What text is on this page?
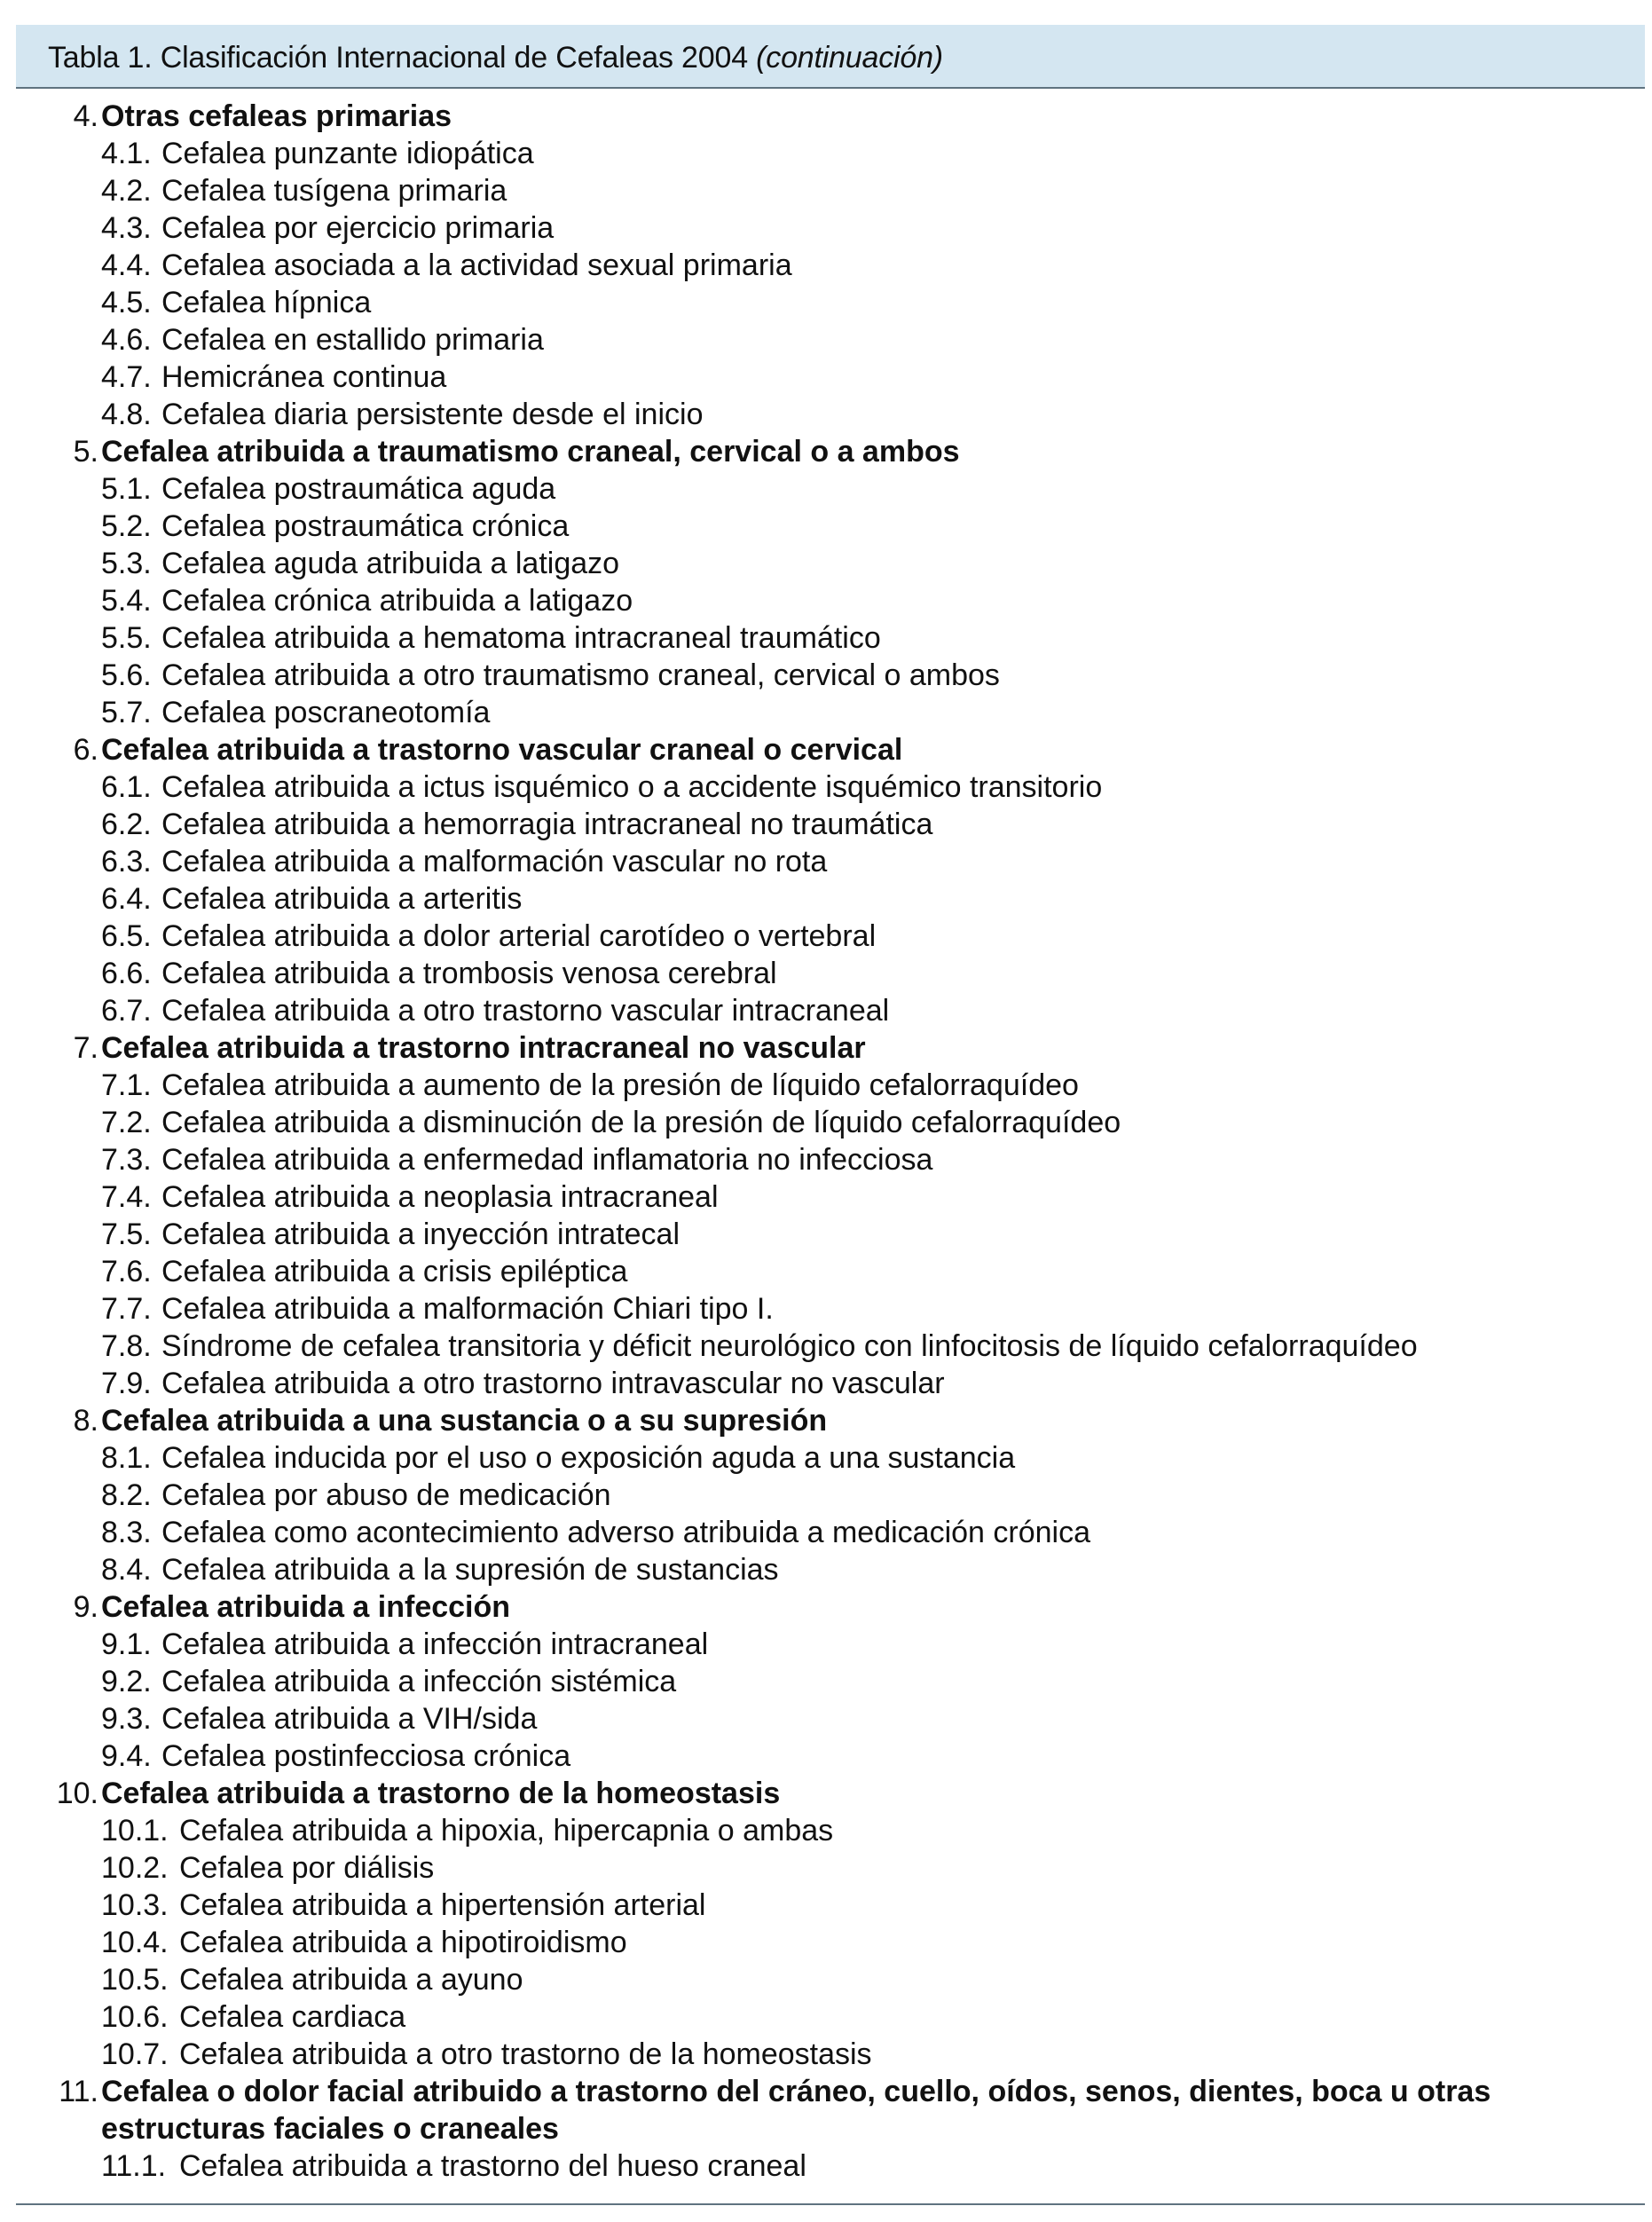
Tabla 1. Clasificación Internacional de Cefaleas 2004 (continuación)
4. Otras cefaleas primarias
4.1. Cefalea punzante idiopática
4.2. Cefalea tusígena primaria
4.3. Cefalea por ejercicio primaria
4.4. Cefalea asociada a la actividad sexual primaria
4.5. Cefalea hípnica
4.6. Cefalea en estallido primaria
4.7. Hemicránea continua
4.8. Cefalea diaria persistente desde el inicio
5. Cefalea atribuida a traumatismo craneal, cervical o a ambos
5.1. Cefalea postraumática aguda
5.2. Cefalea postraumática crónica
5.3. Cefalea aguda atribuida a latigazo
5.4. Cefalea crónica atribuida a latigazo
5.5. Cefalea atribuida a hematoma intracraneal traumático
5.6. Cefalea atribuida a otro traumatismo craneal, cervical o ambos
5.7. Cefalea poscraneotomía
6. Cefalea atribuida a trastorno vascular craneal o cervical
6.1. Cefalea atribuida a ictus isquémico o a accidente isquémico transitorio
6.2. Cefalea atribuida a hemorragia intracraneal no traumática
6.3. Cefalea atribuida a malformación vascular no rota
6.4. Cefalea atribuida a arteritis
6.5. Cefalea atribuida a dolor arterial carotídeo o vertebral
6.6. Cefalea atribuida a trombosis venosa cerebral
6.7. Cefalea atribuida a otro trastorno vascular intracraneal
7. Cefalea atribuida a trastorno intracraneal no vascular
7.1. Cefalea atribuida a aumento de la presión de líquido cefalorraquídeo
7.2. Cefalea atribuida a disminución de la presión de líquido cefalorraquídeo
7.3. Cefalea atribuida a enfermedad inflamatoria no infecciosa
7.4. Cefalea atribuida a neoplasia intracraneal
7.5. Cefalea atribuida a inyección intratecal
7.6. Cefalea atribuida a crisis epiléptica
7.7. Cefalea atribuida a malformación Chiari tipo I.
7.8. Síndrome de cefalea transitoria y déficit neurológico con linfocitosis de líquido cefalorraquídeo
7.9. Cefalea atribuida a otro trastorno intravascular no vascular
8. Cefalea atribuida a una sustancia o a su supresión
8.1. Cefalea inducida por el uso o exposición aguda a una sustancia
8.2. Cefalea por abuso de medicación
8.3. Cefalea como acontecimiento adverso atribuida a medicación crónica
8.4. Cefalea atribuida a la supresión de sustancias
9. Cefalea atribuida a infección
9.1. Cefalea atribuida a infección intracraneal
9.2. Cefalea atribuida a infección sistémica
9.3. Cefalea atribuida a VIH/sida
9.4. Cefalea postinfecciosa crónica
10. Cefalea atribuida a trastorno de la homeostasis
10.1. Cefalea atribuida a hipoxia, hipercapnia o ambas
10.2. Cefalea por diálisis
10.3. Cefalea atribuida a hipertensión arterial
10.4. Cefalea atribuida a hipotiroidismo
10.5. Cefalea atribuida a ayuno
10.6. Cefalea cardiaca
10.7. Cefalea atribuida a otro trastorno de la homeostasis
11. Cefalea o dolor facial atribuido a trastorno del cráneo, cuello, oídos, senos, dientes, boca u otras estructuras faciales o craneales
11.1. Cefalea atribuida a trastorno del hueso craneal
